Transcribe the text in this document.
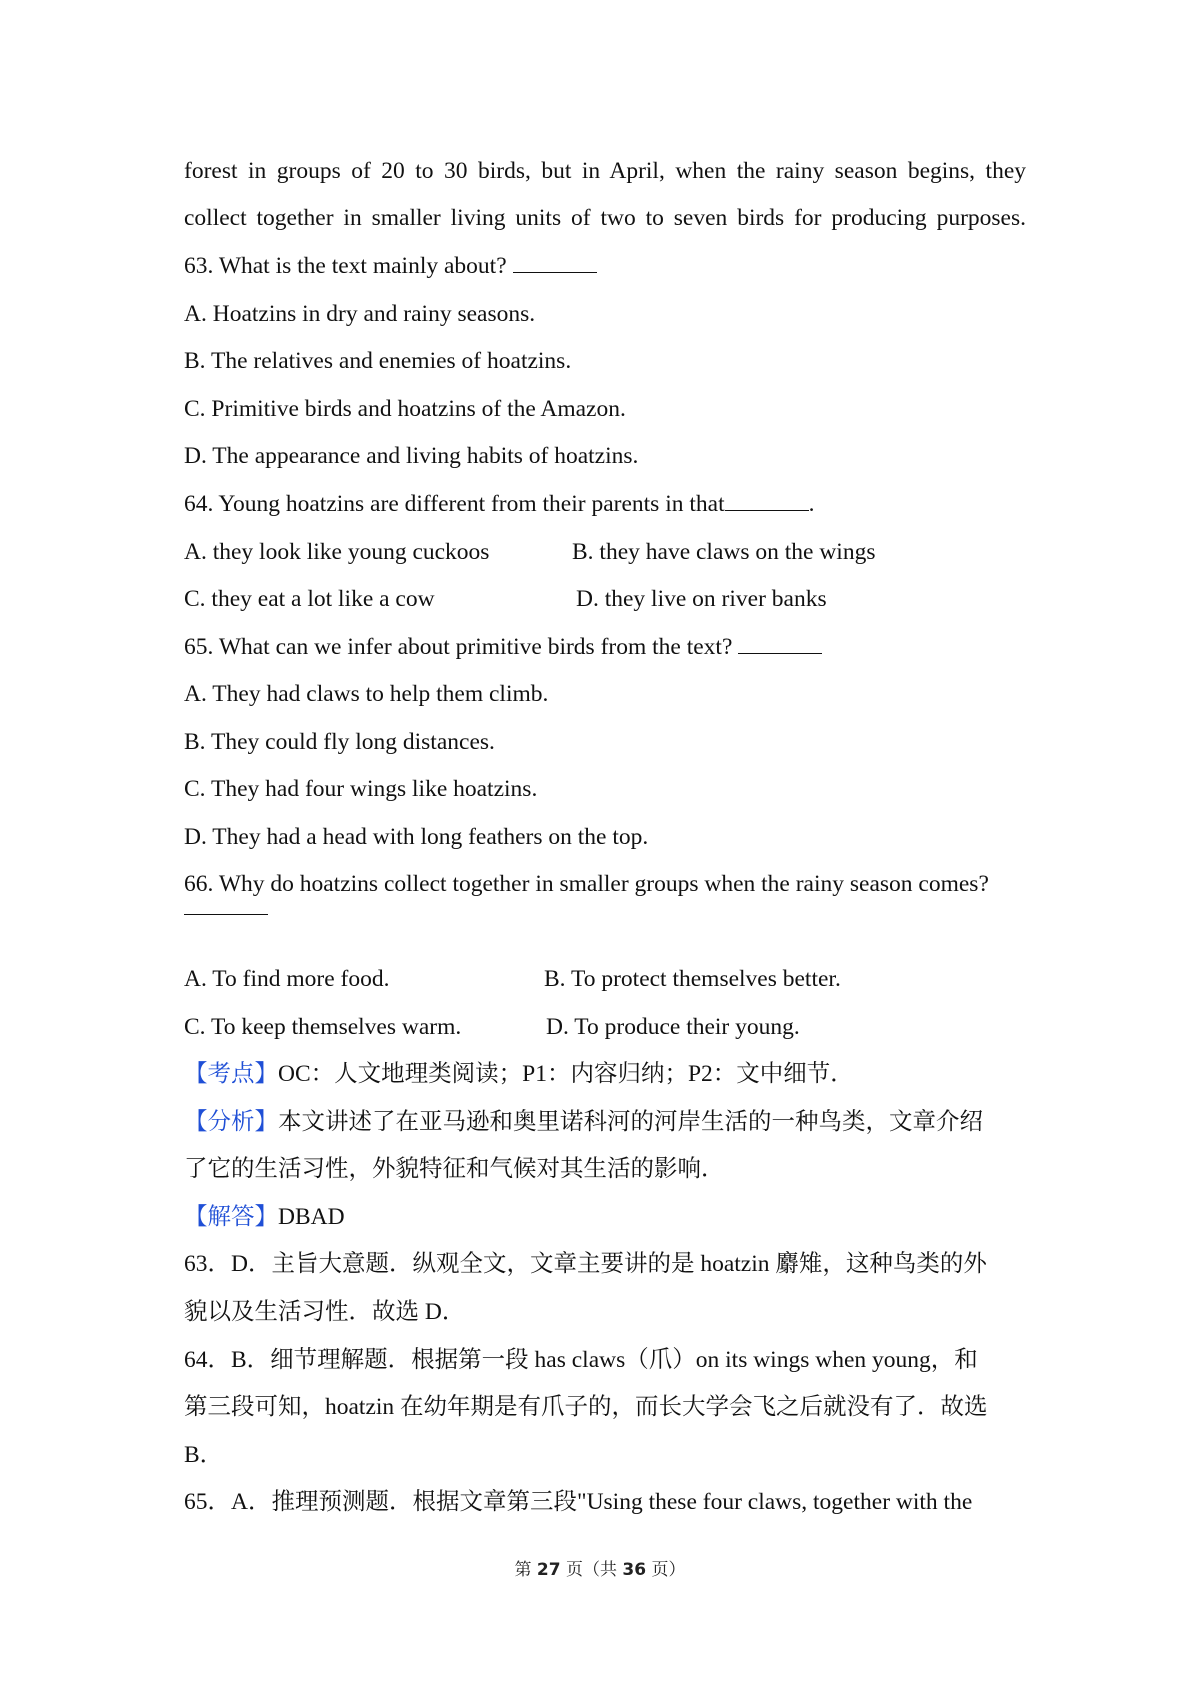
forest in groups of 20 to 30 birds, but in April, when the rainy season begins, they
collect together in smaller living units of two to seven birds for producing purposes.
63. What is the text mainly about?
A. Hoatzins in dry and rainy seasons.
B. The relatives and enemies of hoatzins.
C. Primitive birds and hoatzins of the Amazon.
D. The appearance and living habits of hoatzins.
64. Young hoatzins are different from their parents in that	.
A. they look like young cuckoos	B. they have claws on the wings
C. they eat a lot like a cow	D. they live on river banks
65. What can we infer about primitive birds from the text?
A. They had claws to help them climb.
B. They could fly long distances.
C. They had four wings like hoatzins.
D. They had a head with long feathers on the top.
66. Why do hoatzins collect together in smaller groups when the rainy season comes?
A. To find more food.	B. To protect themselves better.
C. To keep themselves warm.	D. To produce their young.
【考点】OC：人文地理类阅读；P1：内容归纳；P2：文中细节．
【分析】本文讲述了在亚马逊和奥里诺科河的河岸生活的一种鸟类，文章介绍
了它的生活习性，外貌特征和气候对其生活的影响．
【解答】DBAD
63．D．主旨大意题．纵观全文，文章主要讲的是 hoatzin 麝雉，这种鸟类的外
貌以及生活习性．故选 D．
64．B．细节理解题．根据第一段 has claws（爪）on its wings when young，和
第三段可知，hoatzin 在幼年期是有爪子的，而长大学会飞之后就没有了．故选
B．
65．A．推理预测题．根据文章第三段"Using these four claws, together with the
第 27 页（共 36 页）
